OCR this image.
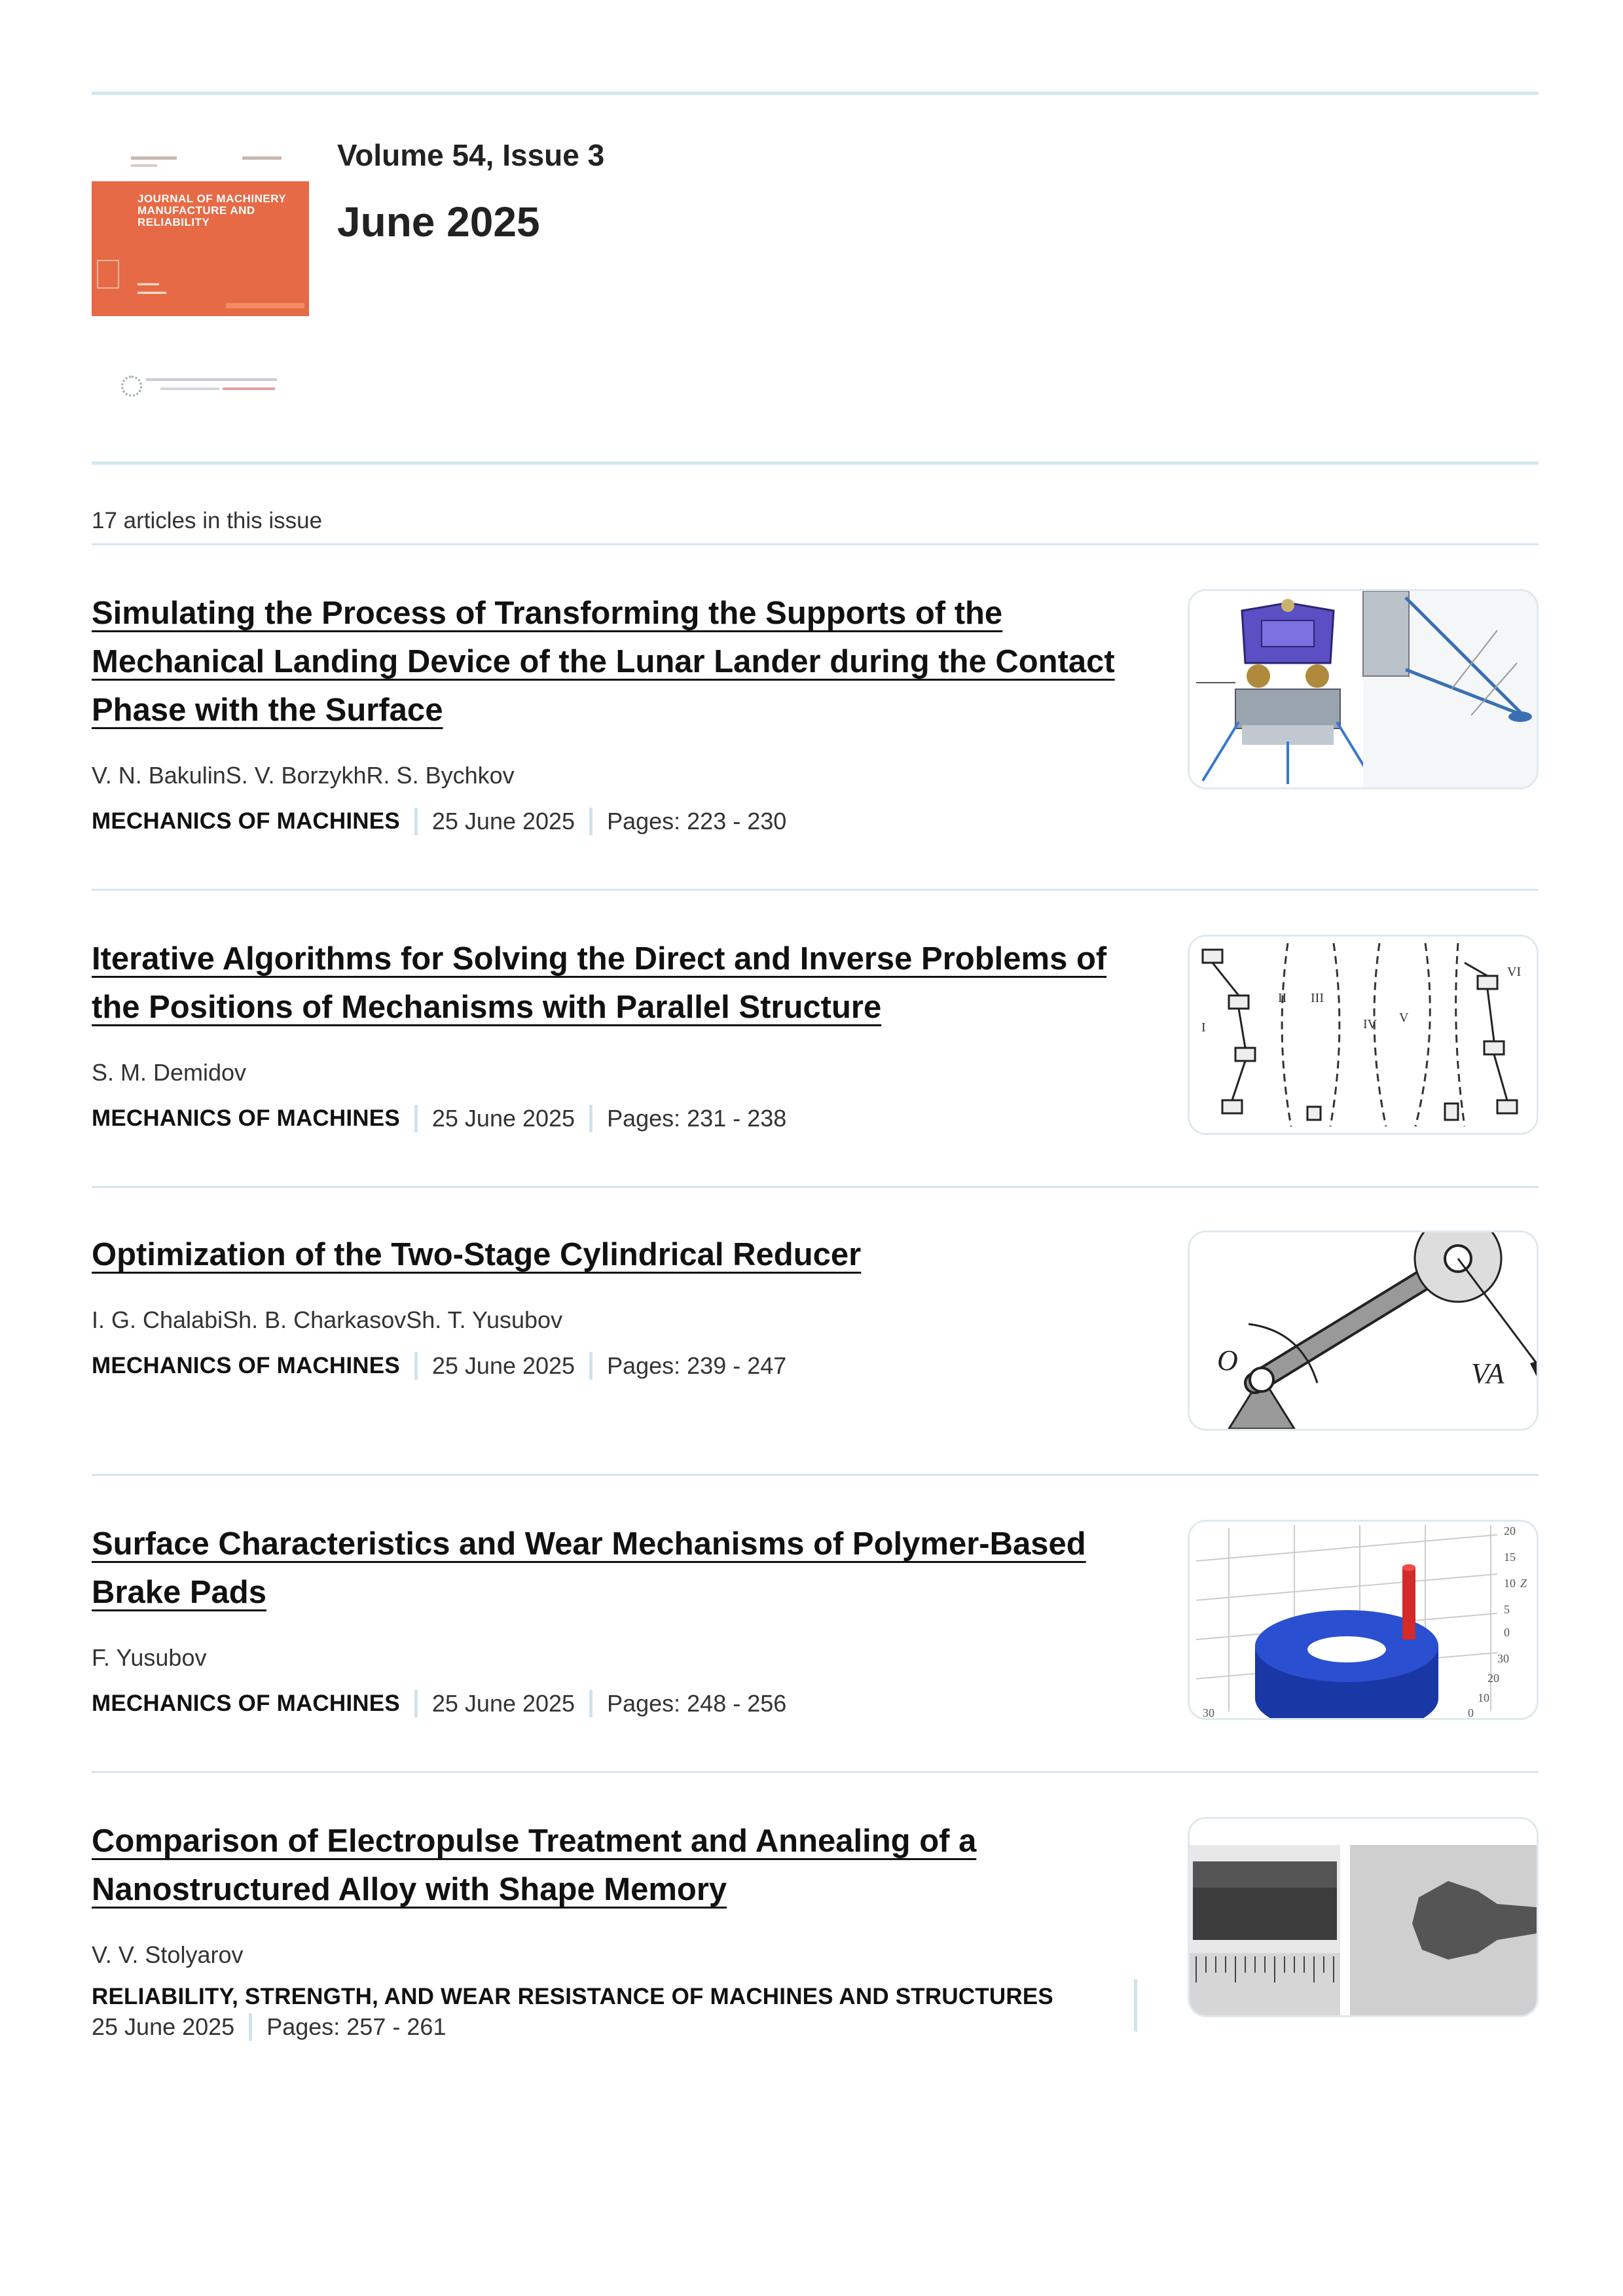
JOURNAL OF MACHINERY MANUFACTURE AND RELIABILITY
▬▬▬
▬▬▬▬
Volume 54, Issue 3
June 2025
17 articles in this issue
Simulating the Process of Transforming the Supports of the Mechanical Landing Device of the Lunar Lander during the Contact Phase with the Surface
V. N. BakulinS. V. BorzykhR. S. Bychkov
MECHANICS OF MACHINES 25 June 2025 Pages: 223 - 230
Iterative Algorithms for Solving the Direct and Inverse Problems of the Positions of Mechanisms with Parallel Structure
S. M. Demidov
MECHANICS OF MACHINES 25 June 2025 Pages: 231 - 238
I
II III
IV V
VI
Optimization of the Two-Stage Cylindrical Reducer
I. G. ChalabiSh. B. CharkasovSh. T. Yusubov
MECHANICS OF MACHINES 25 June 2025 Pages: 239 - 247	O	VA
Surface Characteristics and Wear Mechanisms of Polymer-Based Brake Pads
F. Yusubov
MECHANICS OF MACHINES 25 June 2025 Pages: 248 - 256
20
15
10
5
0
Z
30
20
10
0
30
Comparison of Electropulse Treatment and Annealing of a Nanostructured Alloy with Shape Memory
V. V. Stolyarov
RELIABILITY, STRENGTH, AND WEAR RESISTANCE OF MACHINES AND STRUCTURES
25 June 2025 Pages: 257 - 261
